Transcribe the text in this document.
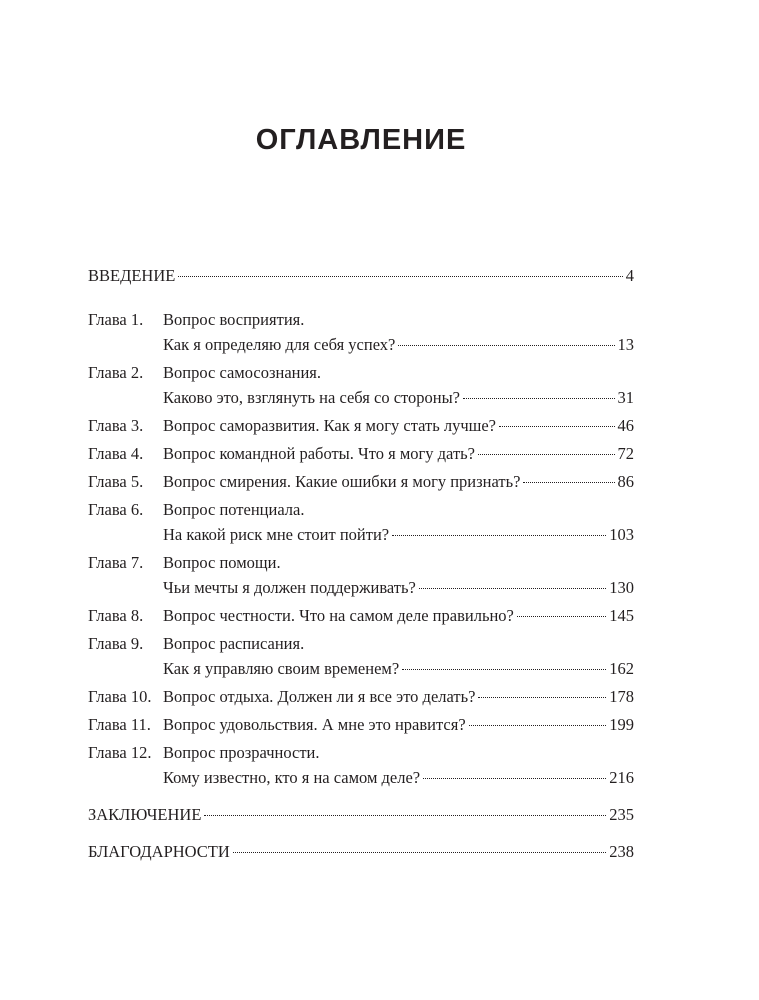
ОГЛАВЛЕНИЕ
ВВЕДЕНИЕ	4
Глава 1.	Вопрос восприятия.
Как я определяю для себя успех?	13
Глава 2.	Вопрос самосознания.
Каково это, взглянуть на себя со стороны?	31
Глава 3.	Вопрос саморазвития. Как я могу стать лучше?	46
Глава 4.	Вопрос командной работы. Что я могу дать?	72
Глава 5.	Вопрос смирения. Какие ошибки я могу признать?	86
Глава 6.	Вопрос потенциала.
На какой риск мне стоит пойти?	103
Глава 7.	Вопрос помощи.
Чьи мечты я должен поддерживать?	130
Глава 8.	Вопрос честности. Что на самом деле правильно?	145
Глава 9.	Вопрос расписания.
Как я управляю своим временем?	162
Глава 10. Вопрос отдыха. Должен ли я все это делать?	178
Глава 11. Вопрос удовольствия. А мне это нравится?	199
Глава 12. Вопрос прозрачности.
Кому известно, кто я на самом деле?	216
ЗАКЛЮЧЕНИЕ	235
БЛАГОДАРНОСТИ	238
